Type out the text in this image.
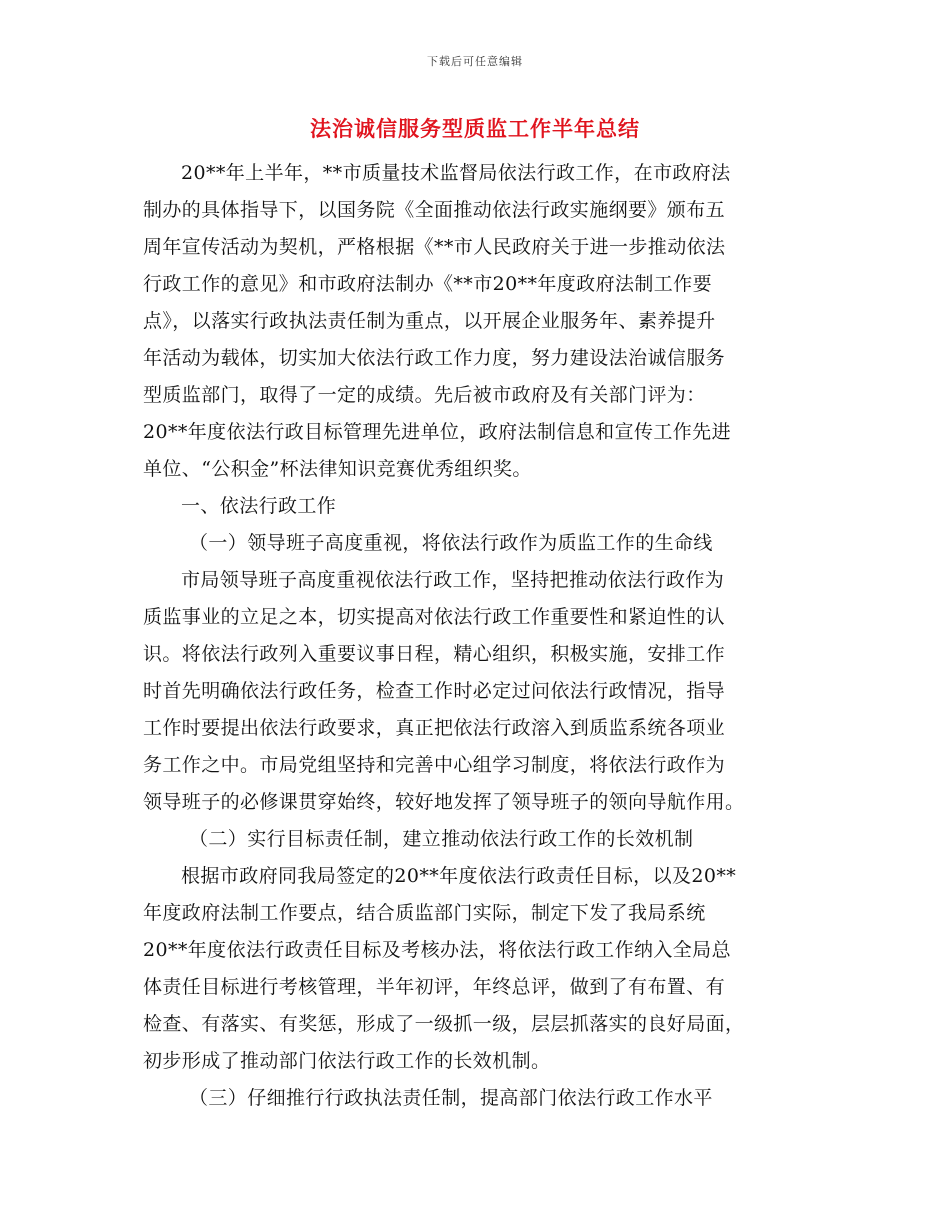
下载后可任意编辑
法治诚信服务型质监工作半年总结
20**年上半年，**市质量技术监督局依法行政工作，在市政府法
制办的具体指导下，以国务院《全面推动依法行政实施纲要》颁布五
周年宣传活动为契机，严格根据《**市人民政府关于进一步推动依法
行政工作的意见》和市政府法制办《**市20**年度政府法制工作要
点》，以落实行政执法责任制为重点，以开展企业服务年、素养提升
年活动为载体，切实加大依法行政工作力度，努力建设法治诚信服务
型质监部门，取得了一定的成绩。先后被市政府及有关部门评为：
20**年度依法行政目标管理先进单位，政府法制信息和宣传工作先进
单位、“公积金”杯法律知识竞赛优秀组织奖。
一、依法行政工作
（一）领导班子高度重视，将依法行政作为质监工作的生命线
市局领导班子高度重视依法行政工作，坚持把推动依法行政作为
质监事业的立足之本，切实提高对依法行政工作重要性和紧迫性的认
识。将依法行政列入重要议事日程，精心组织，积极实施，安排工作
时首先明确依法行政任务，检查工作时必定过问依法行政情况，指导
工作时要提出依法行政要求，真正把依法行政溶入到质监系统各项业
务工作之中。市局党组坚持和完善中心组学习制度，将依法行政作为
领导班子的必修课贯穿始终，较好地发挥了领导班子的领向导航作用。
（二）实行目标责任制，建立推动依法行政工作的长效机制
根据市政府同我局签定的20**年度依法行政责任目标，以及20**
年度政府法制工作要点，结合质监部门实际，制定下发了我局系统
20**年度依法行政责任目标及考核办法，将依法行政工作纳入全局总
体责任目标进行考核管理，半年初评，年终总评，做到了有布置、有
检查、有落实、有奖惩，形成了一级抓一级，层层抓落实的良好局面，
初步形成了推动部门依法行政工作的长效机制。
（三）仔细推行行政执法责任制，提高部门依法行政工作水平
